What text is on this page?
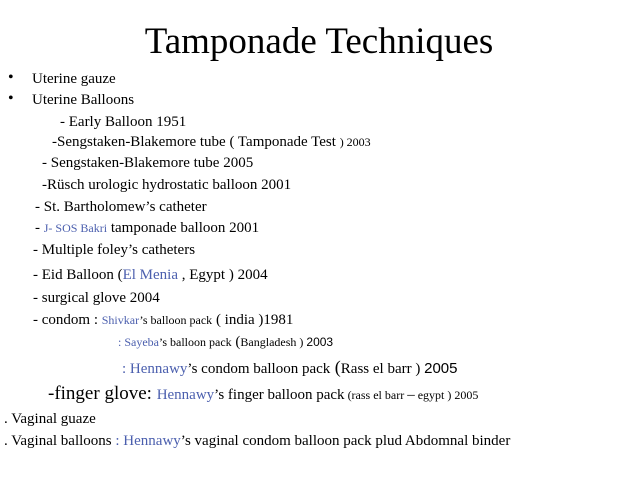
Tamponade Techniques
• Uterine gauze
• Uterine Balloons
- Early Balloon 1951
-Sengstaken-Blakemore tube ( Tamponade Test ) 2003
- Sengstaken-Blakemore tube 2005
-Rüsch urologic hydrostatic balloon 2001
- St. Bartholomew’s catheter
- J- SOS Bakri tamponade balloon 2001
- Multiple foley’s catheters
- Eid Balloon (El Menia , Egypt ) 2004
- surgical glove 2004
- condom : Shivkar’s balloon pack ( india )1981
: Sayeba’s balloon pack (Bangladesh ) 2003
: Hennawy’s condom balloon pack (Rass el barr ) 2005
-finger glove: Hennawy’s finger balloon pack (rass el barr – egypt ) 2005
. Vaginal guaze
. Vaginal balloons : Hennawy’s vaginal condom balloon pack plud Abdomnal binder
